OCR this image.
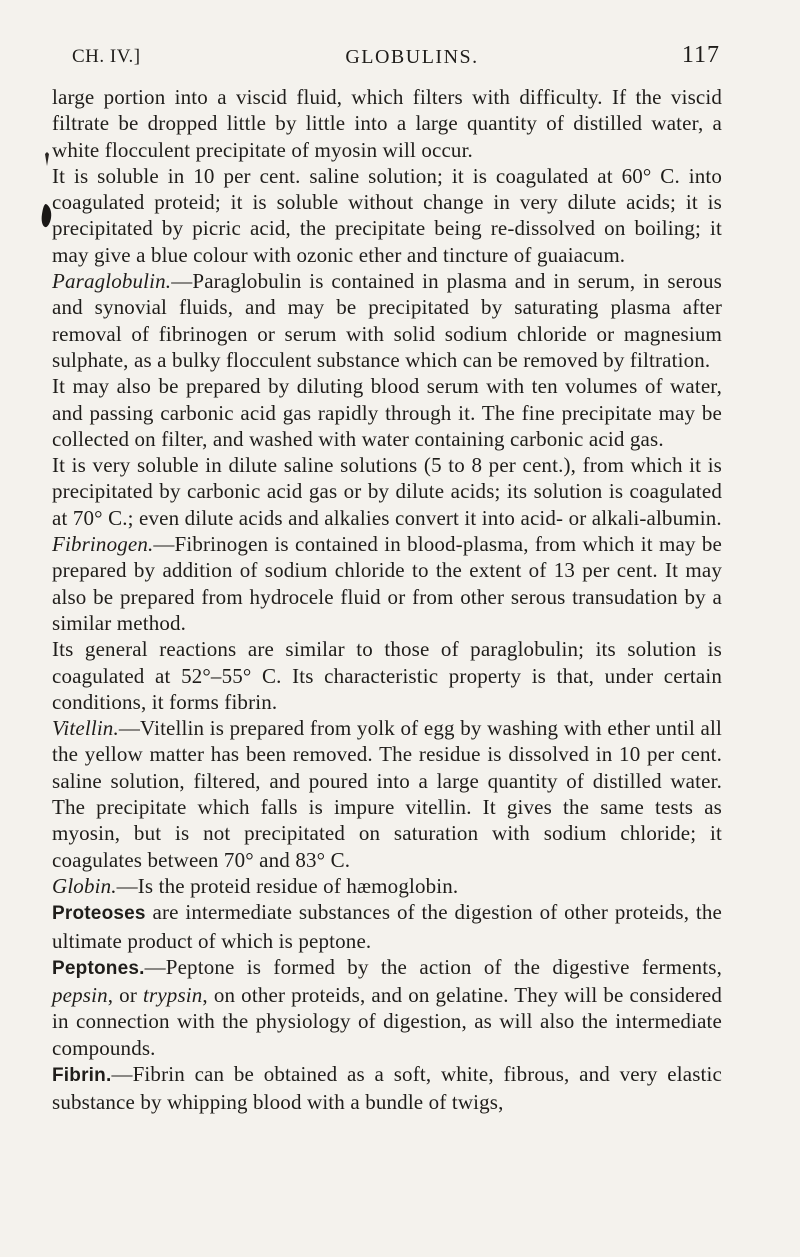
CH. IV.]	GLOBULINS.	117

large portion into a viscid fluid, which filters with difficulty. If the viscid filtrate be dropped little by little into a large quantity of distilled water, a white flocculent precipitate of myosin will occur.

It is soluble in 10 per cent. saline solution; it is coagulated at 60° C. into coagulated proteid; it is soluble without change in very dilute acids; it is precipitated by picric acid, the precipitate being re-dissolved on boiling; it may give a blue colour with ozonic ether and tincture of guaiacum.

Paraglobulin.—Paraglobulin is contained in plasma and in serum, in serous and synovial fluids, and may be precipitated by saturating plasma after removal of fibrinogen or serum with solid sodium chloride or magnesium sulphate, as a bulky flocculent substance which can be removed by filtration.

It may also be prepared by diluting blood serum with ten volumes of water, and passing carbonic acid gas rapidly through it. The fine precipitate may be collected on filter, and washed with water containing carbonic acid gas.

It is very soluble in dilute saline solutions (5 to 8 per cent.), from which it is precipitated by carbonic acid gas or by dilute acids; its solution is coagulated at 70° C.; even dilute acids and alkalies convert it into acid- or alkali-albumin.

Fibrinogen.—Fibrinogen is contained in blood-plasma, from which it may be prepared by addition of sodium chloride to the extent of 13 per cent. It may also be prepared from hydrocele fluid or from other serous transudation by a similar method.

Its general reactions are similar to those of paraglobulin; its solution is coagulated at 52°–55° C. Its characteristic property is that, under certain conditions, it forms fibrin.

Vitellin.—Vitellin is prepared from yolk of egg by washing with ether until all the yellow matter has been removed. The residue is dissolved in 10 per cent. saline solution, filtered, and poured into a large quantity of distilled water. The precipitate which falls is impure vitellin. It gives the same tests as myosin, but is not precipitated on saturation with sodium chloride; it coagulates between 70° and 83° C.

Globin.—Is the proteid residue of hæmoglobin.

Proteoses are intermediate substances of the digestion of other proteids, the ultimate product of which is peptone.

Peptones.—Peptone is formed by the action of the digestive ferments, pepsin, or trypsin, on other proteids, and on gelatine. They will be considered in connection with the physiology of digestion, as will also the intermediate compounds.

Fibrin.—Fibrin can be obtained as a soft, white, fibrous, and very elastic substance by whipping blood with a bundle of twigs,
